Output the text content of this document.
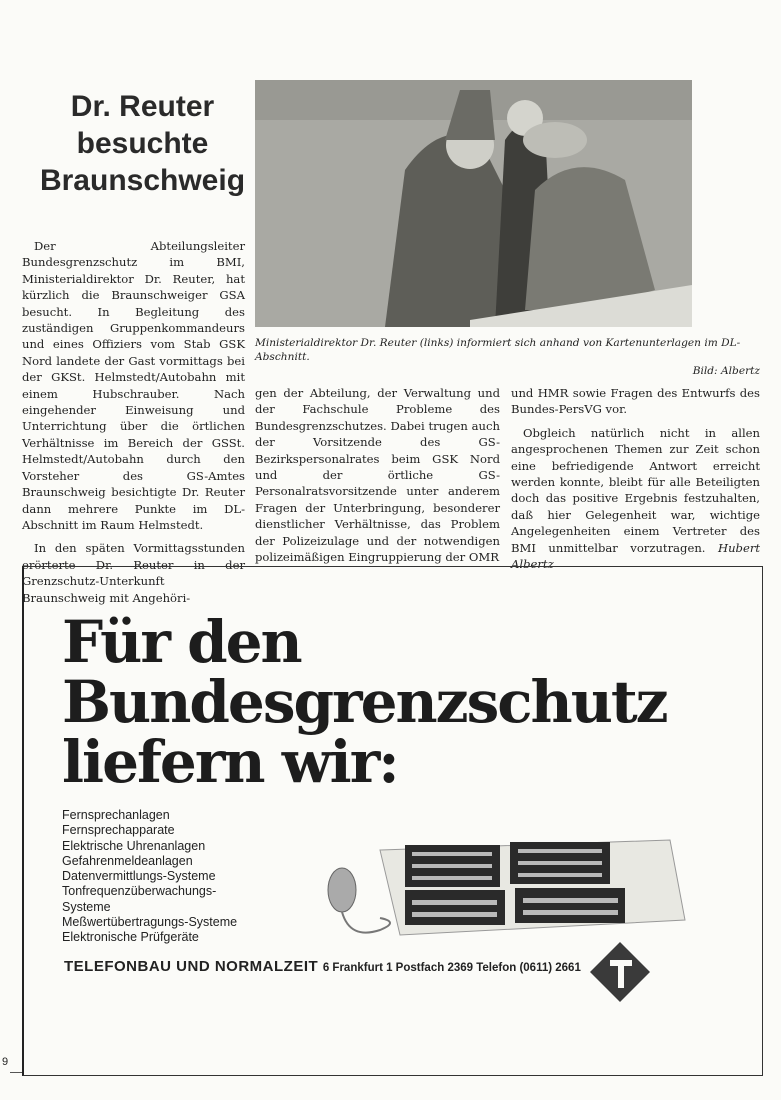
Dr. Reuter
besuchte
Braunschweig
Ministerialdirektor Dr. Reuter (links) informiert sich anhand von Kartenunterlagen im DL-Abschnitt.
Bild: Albertz

Der Abteilungsleiter Bundesgrenzschutz im BMI, Ministerialdirektor Dr. Reuter, hat kürzlich die Braunschweiger GSA besucht. In Begleitung des zuständigen Gruppenkommandeurs und eines Offiziers vom Stab GSK Nord landete der Gast vormittags bei der GKSt. Helmstedt/Autobahn mit einem Hubschrauber. Nach eingehender Einweisung und Unterrichtung über die örtlichen Verhältnisse im Bereich der GSSt. Helmstedt/Autobahn durch den Vorsteher des GS-Amtes Braunschweig besichtigte Dr. Reuter dann mehrere Punkte im DL-Abschnitt im Raum Helmstedt.

In den späten Vormittagsstunden erörterte Dr. Reuter in der Grenzschutz-Unterkunft Braunschweig mit Angehöri-

gen der Abteilung, der Verwaltung und der Fachschule Probleme des Bundesgrenzschutzes. Dabei trugen auch der Vorsitzende des GS-Bezirkspersonalrates beim GSK Nord und der örtliche GS-Personalratsvorsitzende unter anderem Fragen der Unterbringung, besonderer dienstlicher Verhältnisse, das Problem der Polizeizulage und der notwendigen polizeimäßigen Eingruppierung der OMR

und HMR sowie Fragen des Entwurfs des Bundes-PersVG vor.

Obgleich natürlich nicht in allen angesprochenen Themen zur Zeit schon eine befriedigende Antwort erreicht werden konnte, bleibt für alle Beteiligten doch das positive Ergebnis festzuhalten, daß hier Gelegenheit war, wichtige Angelegenheiten einem Vertreter des BMI unmittelbar vorzutragen. Hubert Albertz

Für den
Bundesgrenzschutz
liefern wir:
Fernsprechanlagen
Fernsprechapparate
Elektrische Uhrenanlagen
Gefahrenmeldeanlagen
Datenvermittlungs-Systeme
Tonfrequenzüberwachungs-
Systeme
Meßwertübertragungs-Systeme
Elektronische Prüfgeräte
TELEFONBAU UND NORMALZEIT 6 Frankfurt 1 Postfach 2369 Telefon (0611) 2661
9
